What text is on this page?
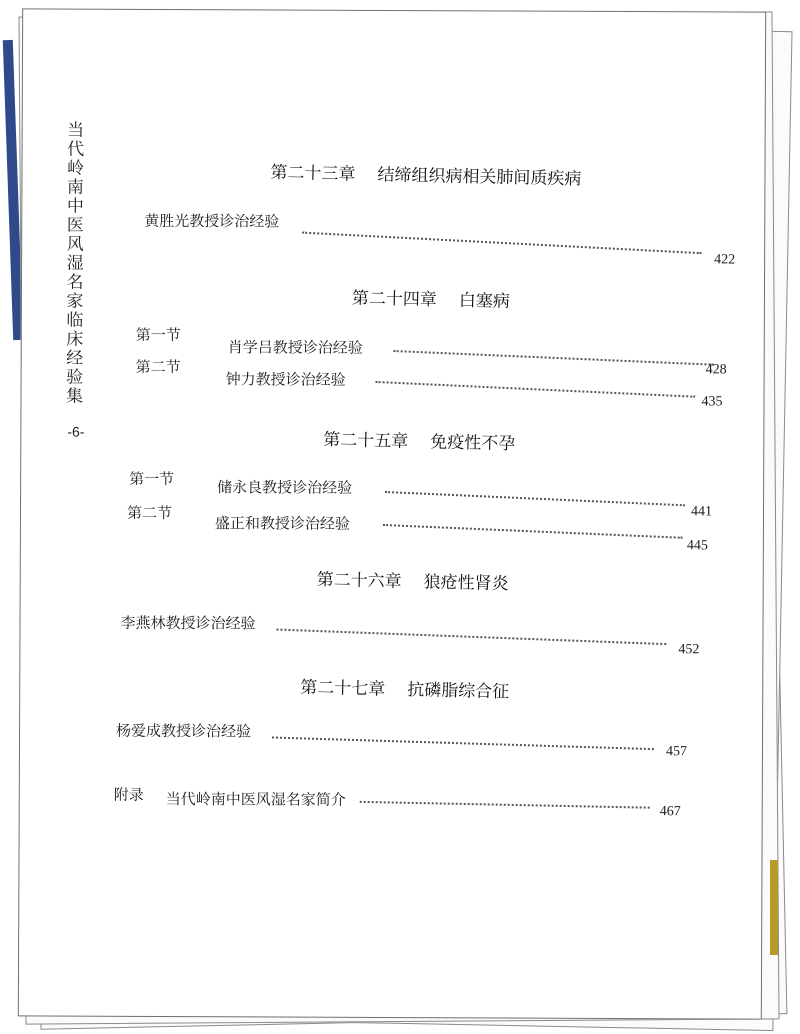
当代岭南中医风湿名家临床经验集
-6-
第二十三章 结缔组织病相关肺间质疾病
黄胜光教授诊治经验
422
第二十四章 白塞病
第一节
肖学吕教授诊治经验
428
第二节
钟力教授诊治经验
435
第二十五章 免疫性不孕
第一节	储永良教授诊治经验
441
第二节
盛正和教授诊治经验
445
第二十六章 狼疮性肾炎
李燕林教授诊治经验
452
第二十七章 抗磷脂综合征
杨爱成教授诊治经验
457
附录 当代岭南中医风湿名家简介
467
